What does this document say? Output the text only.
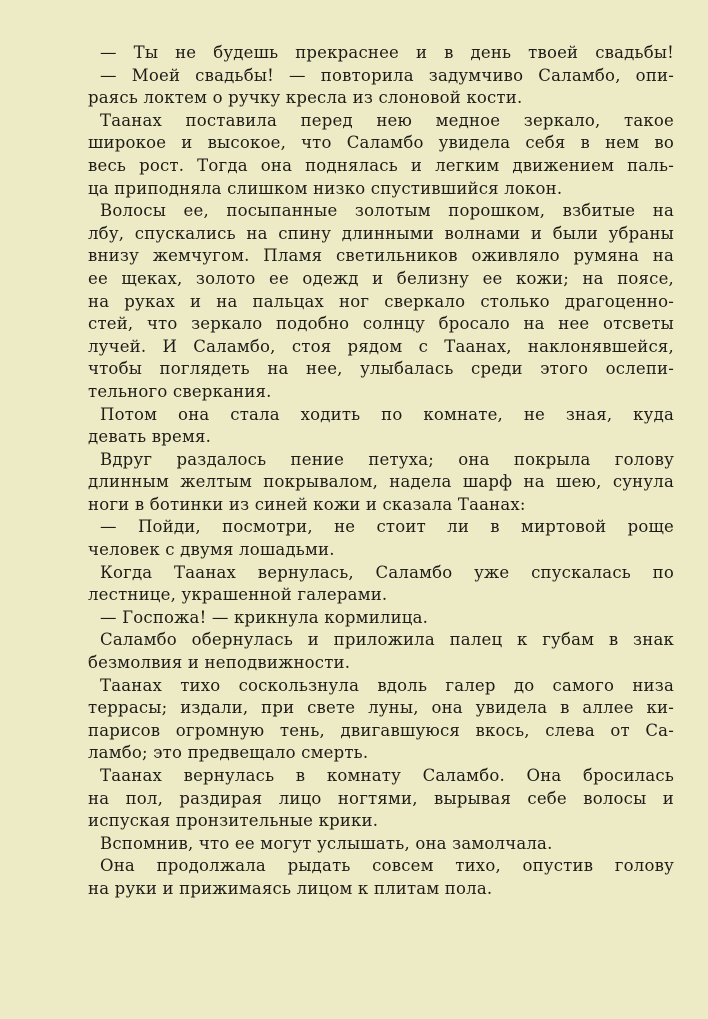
— Ты не будешь прекраснее и в день твоей свадьбы!
— Моей свадьбы! — повторила задумчиво Саламбо, опи-
раясь локтем о ручку кресла из слоновой кости.
Таанах поставила перед нею медное зеркало, такое
широкое и высокое, что Саламбо увидела себя в нем во
весь рост. Тогда она поднялась и легким движением паль-
ца приподняла слишком низко спустившийся локон.
Волосы ее, посыпанные золотым порошком, взбитые на
лбу, спускались на спину длинными волнами и были убраны
внизу жемчугом. Пламя светильников оживляло румяна на
ее щеках, золото ее одежд и белизну ее кожи; на поясе,
на руках и на пальцах ног сверкало столько драгоценно-
стей, что зеркало подобно солнцу бросало на нее отсветы
лучей. И Саламбо, стоя рядом с Таанах, наклонявшейся,
чтобы поглядеть на нее, улыбалась среди этого ослепи-
тельного сверкания.
Потом она стала ходить по комнате, не зная, куда
девать время.
Вдруг раздалось пение петуха; она покрыла голову
длинным желтым покрывалом, надела шарф на шею, сунула
ноги в ботинки из синей кожи и сказала Таанах:
— Пойди, посмотри, не стоит ли в миртовой роще
человек с двумя лошадьми.
Когда Таанах вернулась, Саламбо уже спускалась по
лестнице, украшенной галерами.
— Госпожа! — крикнула кормилица.
Саламбо обернулась и приложила палец к губам в знак
безмолвия и неподвижности.
Таанах тихо соскользнула вдоль галер до самого низа
террасы; издали, при свете луны, она увидела в аллее ки-
парисов огромную тень, двигавшуюся вкось, слева от Са-
ламбо; это предвещало смерть.
Таанах вернулась в комнату Саламбо. Она бросилась
на пол, раздирая лицо ногтями, вырывая себе волосы и
испуская пронзительные крики.
Вспомнив, что ее могут услышать, она замолчала.
Она продолжала рыдать совсем тихо, опустив голову
на руки и прижимаясь лицом к плитам пола.
